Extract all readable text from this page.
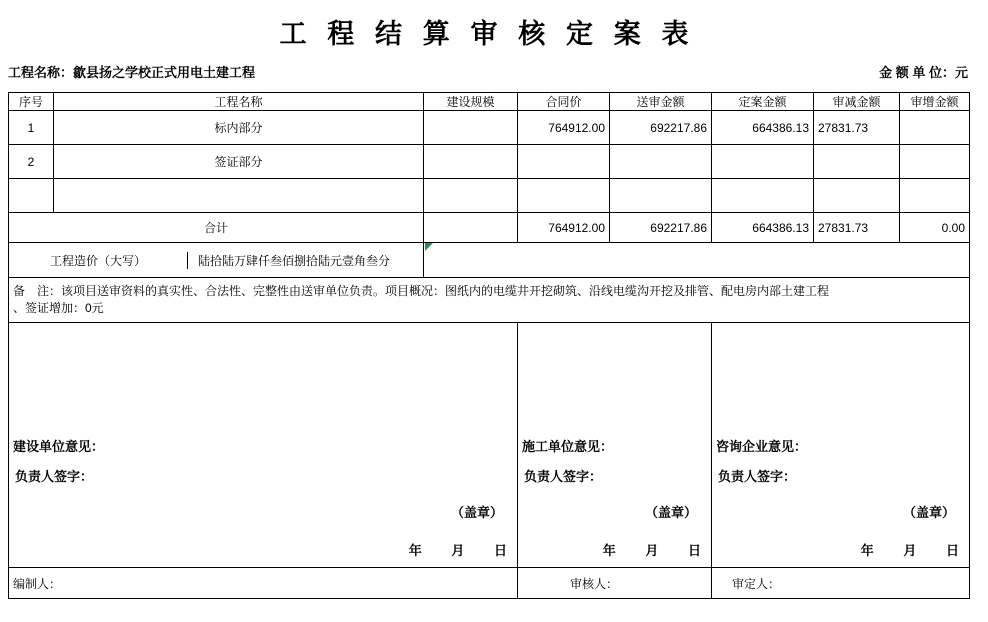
工 程 结 算 审 核 定 案 表
工程名称：歙县扬之学校正式用电土建工程	金 额 单 位：元
序号	工程名称	建设规模	合同价	送审金额	定案金额	审减金额	审增金额
1	标内部分		764912.00	692217.86	664386.13	27831.73	
2	签证部分						

合计		764912.00	692217.86	664386.13	27831.73	0.00

工程造价（大写）	陆拾陆万肆仟叁佰捌拾陆元壹角叁分

备　注：该项目送审资料的真实性、合法性、完整性由送审单位负责。项目概况：图纸内的电缆井开挖砌筑、沿线电缆沟开挖及排管、配电房内部土建工程
、签证增加：0元

建设单位意见：
负责人签字：
（盖章）
年 月 日

施工单位意见：
负责人签字：
（盖章）
年 月 日

咨询企业意见：
负责人签字：
（盖章）
年 月 日

编制人：	审核人：	审定人：
